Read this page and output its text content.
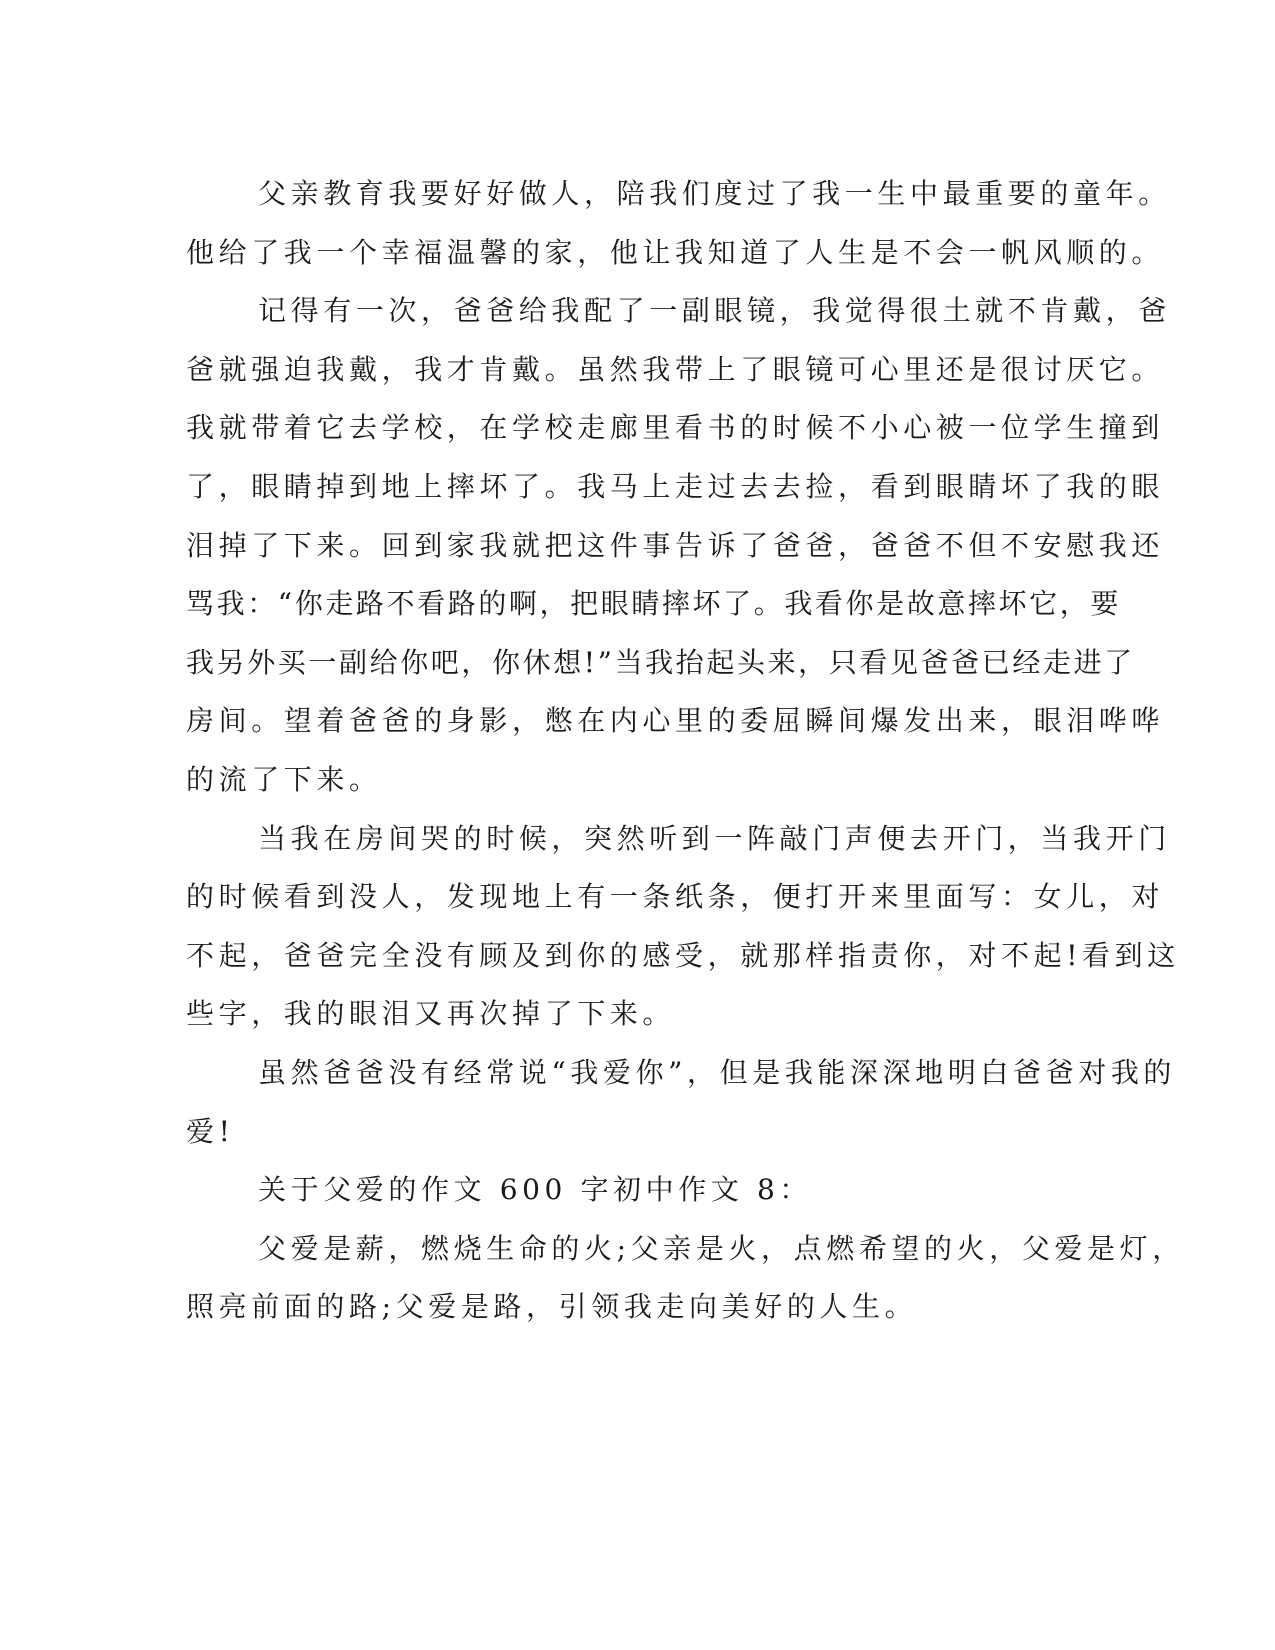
父亲教育我要好好做人，陪我们度过了我一生中最重要的童年。
他给了我一个幸福温馨的家，他让我知道了人生是不会一帆风顺的。
记得有一次，爸爸给我配了一副眼镜，我觉得很土就不肯戴，爸
爸就强迫我戴，我才肯戴。虽然我带上了眼镜可心里还是很讨厌它。
我就带着它去学校，在学校走廊里看书的时候不小心被一位学生撞到
了，眼睛掉到地上摔坏了。我马上走过去去捡，看到眼睛坏了我的眼
泪掉了下来。回到家我就把这件事告诉了爸爸，爸爸不但不安慰我还
骂我：“你走路不看路的啊，把眼睛摔坏了。我看你是故意摔坏它，要
我另外买一副给你吧，你休想!”当我抬起头来，只看见爸爸已经走进了
房间。望着爸爸的身影，憋在内心里的委屈瞬间爆发出来，眼泪哗哗
的流了下来。
当我在房间哭的时候，突然听到一阵敲门声便去开门，当我开门
的时候看到没人，发现地上有一条纸条，便打开来里面写：女儿，对
不起，爸爸完全没有顾及到你的感受，就那样指责你，对不起!看到这
些字，我的眼泪又再次掉了下来。
虽然爸爸没有经常说“我爱你”，但是我能深深地明白爸爸对我的
爱!
关于父爱的作文 600 字初中作文 8：
父爱是薪，燃烧生命的火;父亲是火，点燃希望的火，父爱是灯，
照亮前面的路;父爱是路，引领我走向美好的人生。
